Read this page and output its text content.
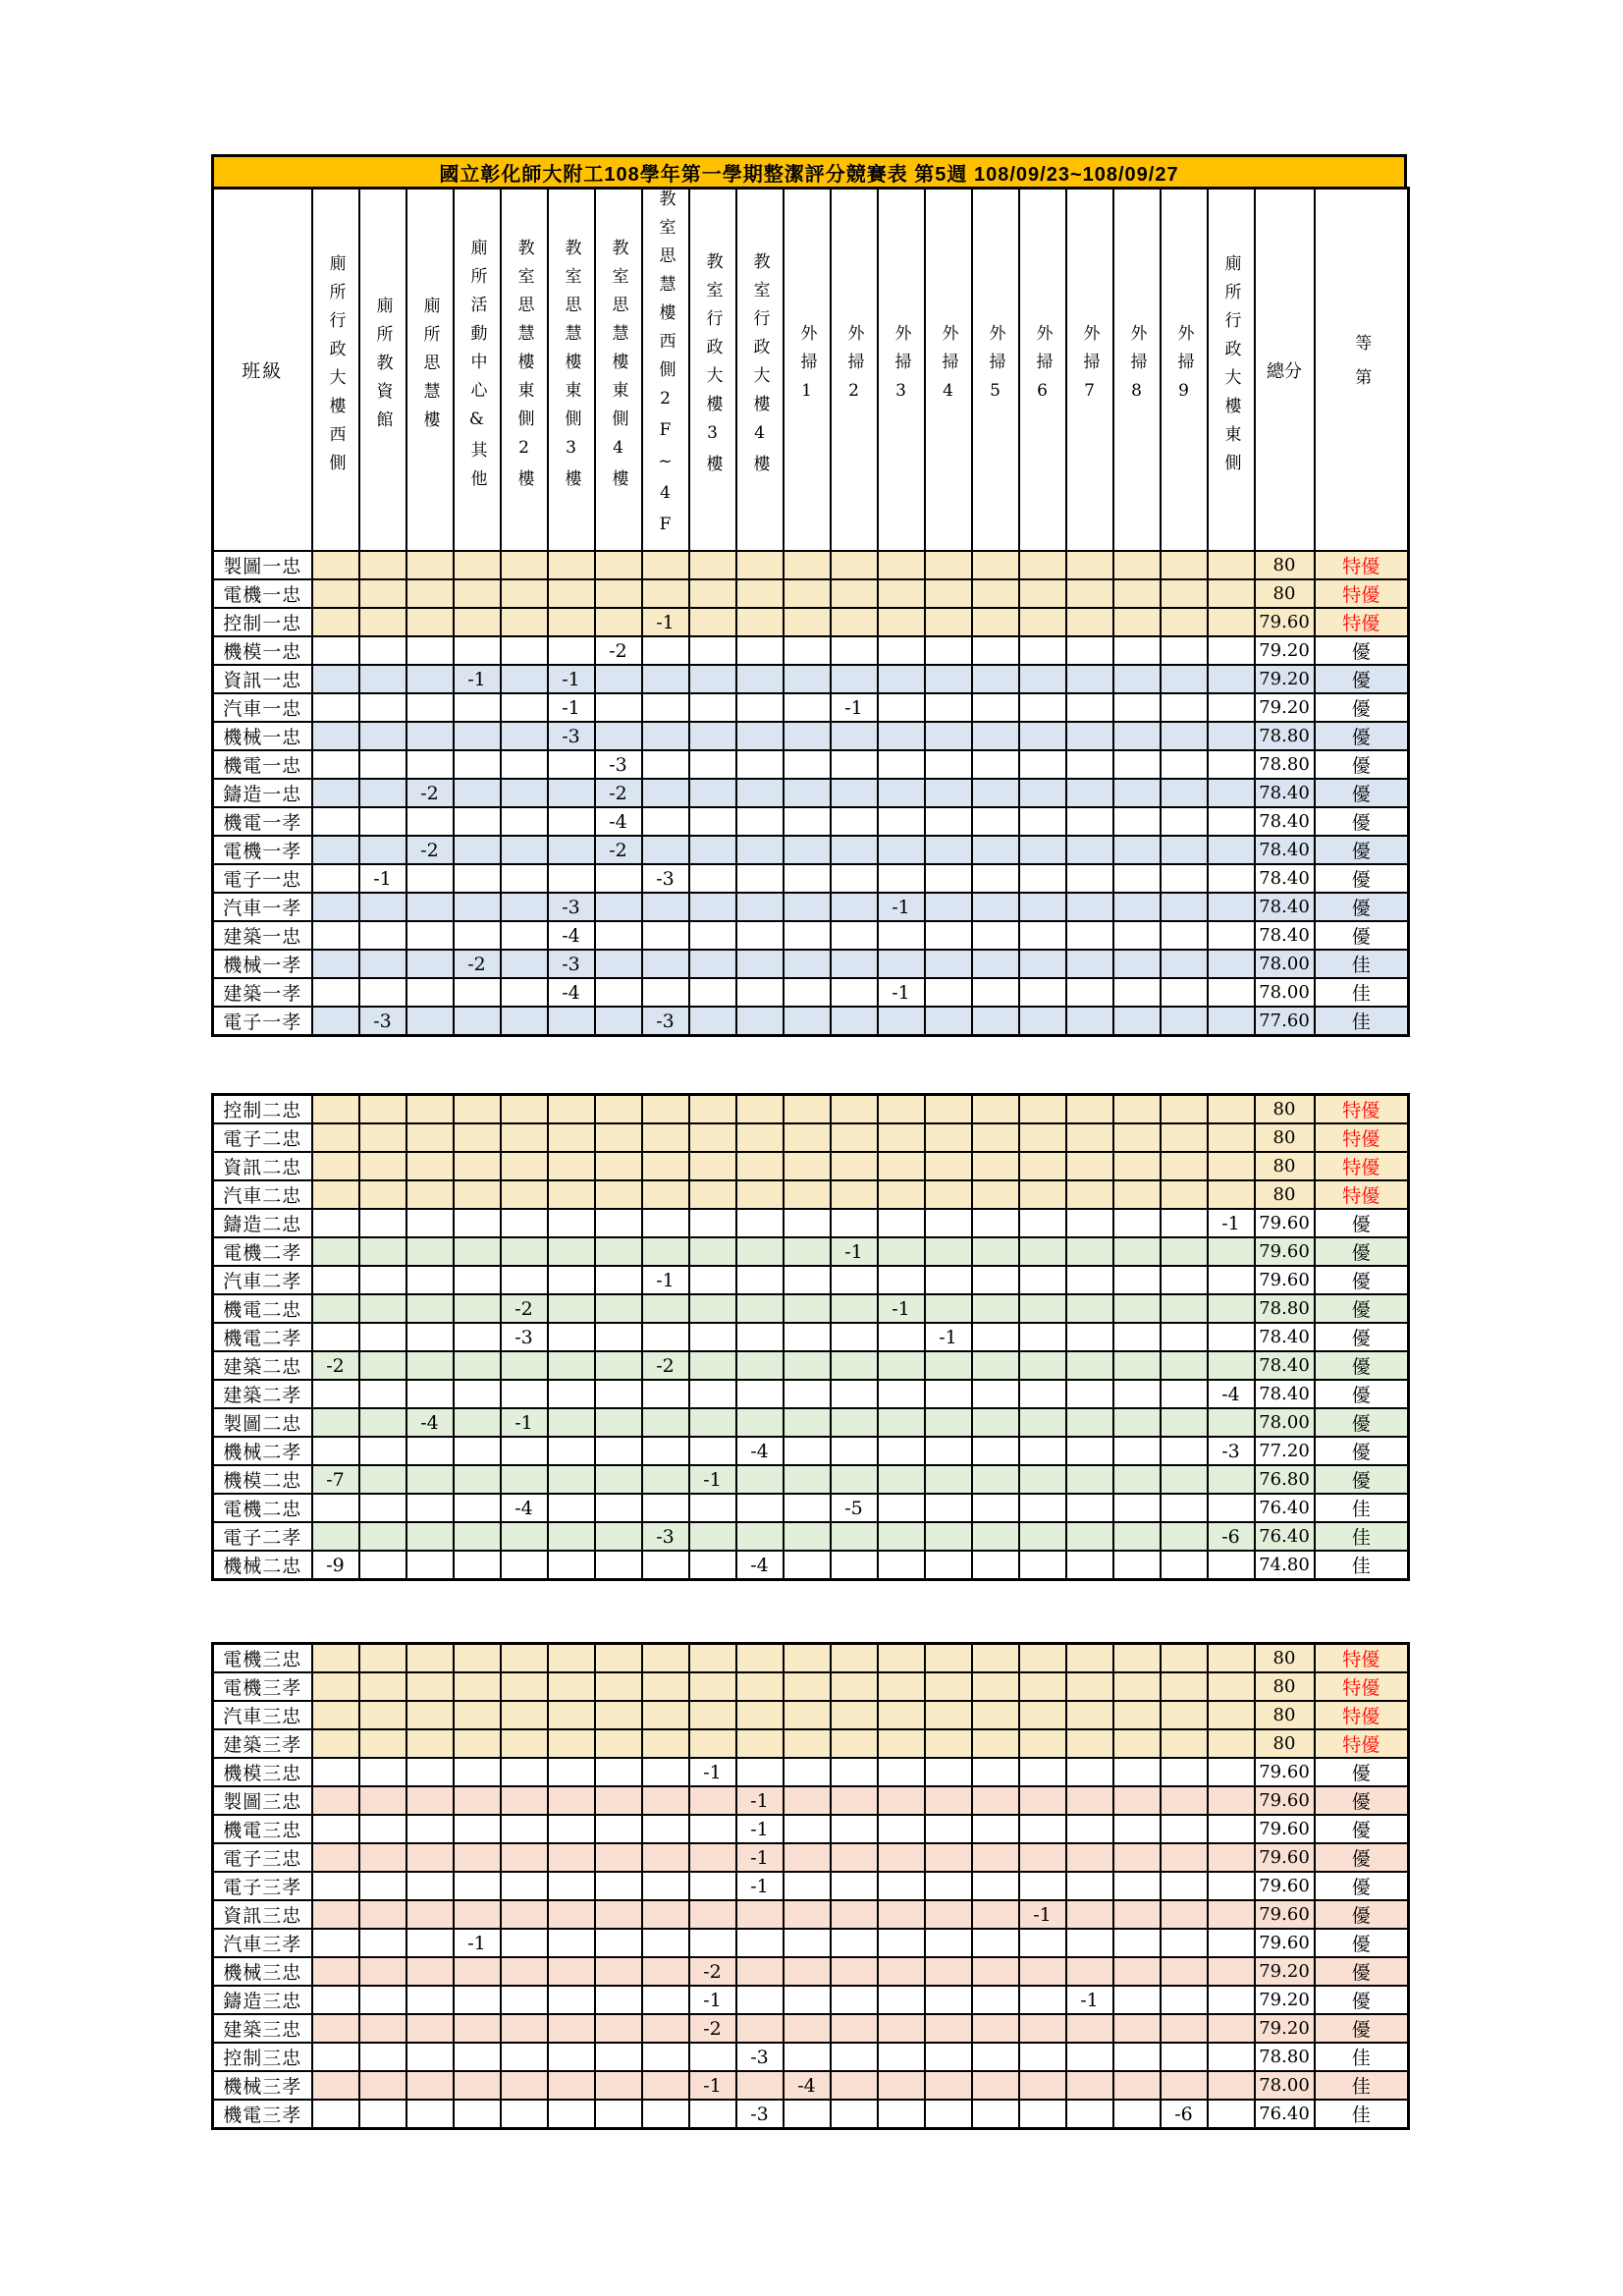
國立彰化師大附工108學年第一學期整潔評分競賽表 第5週 108/09/23~108/09/27
班級	廁所行政大樓西側	廁所教資館	廁所思慧樓	廁所活動中心&其他	教室思慧樓東側2樓	教室思慧樓東側3樓	教室思慧樓東側4樓	教室思慧樓西側2F~4F	教室行政大樓3樓	教室行政大樓4樓	外掃1	外掃2	外掃3	外掃4	外掃5	外掃6	外掃7	外掃8	外掃9	廁所行政大樓東側	總分	等第
製圖一忠																					80	特優
電機一忠																					80	特優
控制一忠								-1													79.60	特優
機模一忠							-2														79.20	優
資訊一忠				-1		-1															79.20	優
汽車一忠						-1						-1									79.20	優
機械一忠						-3															78.80	優
機電一忠							-3														78.80	優
鑄造一忠			-2				-2														78.40	優
機電一孝							-4														78.40	優
電機一孝			-2				-2														78.40	優
電子一忠		-1						-3													78.40	優
汽車一孝						-3							-1								78.40	優
建築一忠						-4															78.40	優
機械一孝				-2		-3															78.00	佳
建築一孝						-4							-1								78.00	佳
電子一孝		-3						-3													77.60	佳
控制二忠																					80	特優
電子二忠																					80	特優
資訊二忠																					80	特優
汽車二忠																					80	特優
鑄造二忠																				-1	79.60	優
電機二孝												-1									79.60	優
汽車二孝								-1													79.60	優
機電二忠					-2								-1								78.80	優
機電二孝					-3									-1							78.40	優
建築二忠	-2							-2													78.40	優
建築二孝																				-4	78.40	優
製圖二忠			-4		-1																78.00	優
機械二孝										-4										-3	77.20	優
機模二忠	-7								-1												76.80	優
電機二忠					-4							-5									76.40	佳
電子二孝								-3												-6	76.40	佳
機械二忠	-9									-4											74.80	佳
電機三忠																					80	特優
電機三孝																					80	特優
汽車三忠																					80	特優
建築三孝																					80	特優
機模三忠									-1												79.60	優
製圖三忠										-1											79.60	優
機電三忠										-1											79.60	優
電子三忠										-1											79.60	優
電子三孝										-1											79.60	優
資訊三忠																-1					79.60	優
汽車三孝				-1																	79.60	優
機械三忠									-2												79.20	優
鑄造三忠									-1								-1				79.20	優
建築三忠									-2												79.20	優
控制三忠										-3											78.80	佳
機械三孝									-1		-4										78.00	佳
機電三孝										-3									-6		76.40	佳
